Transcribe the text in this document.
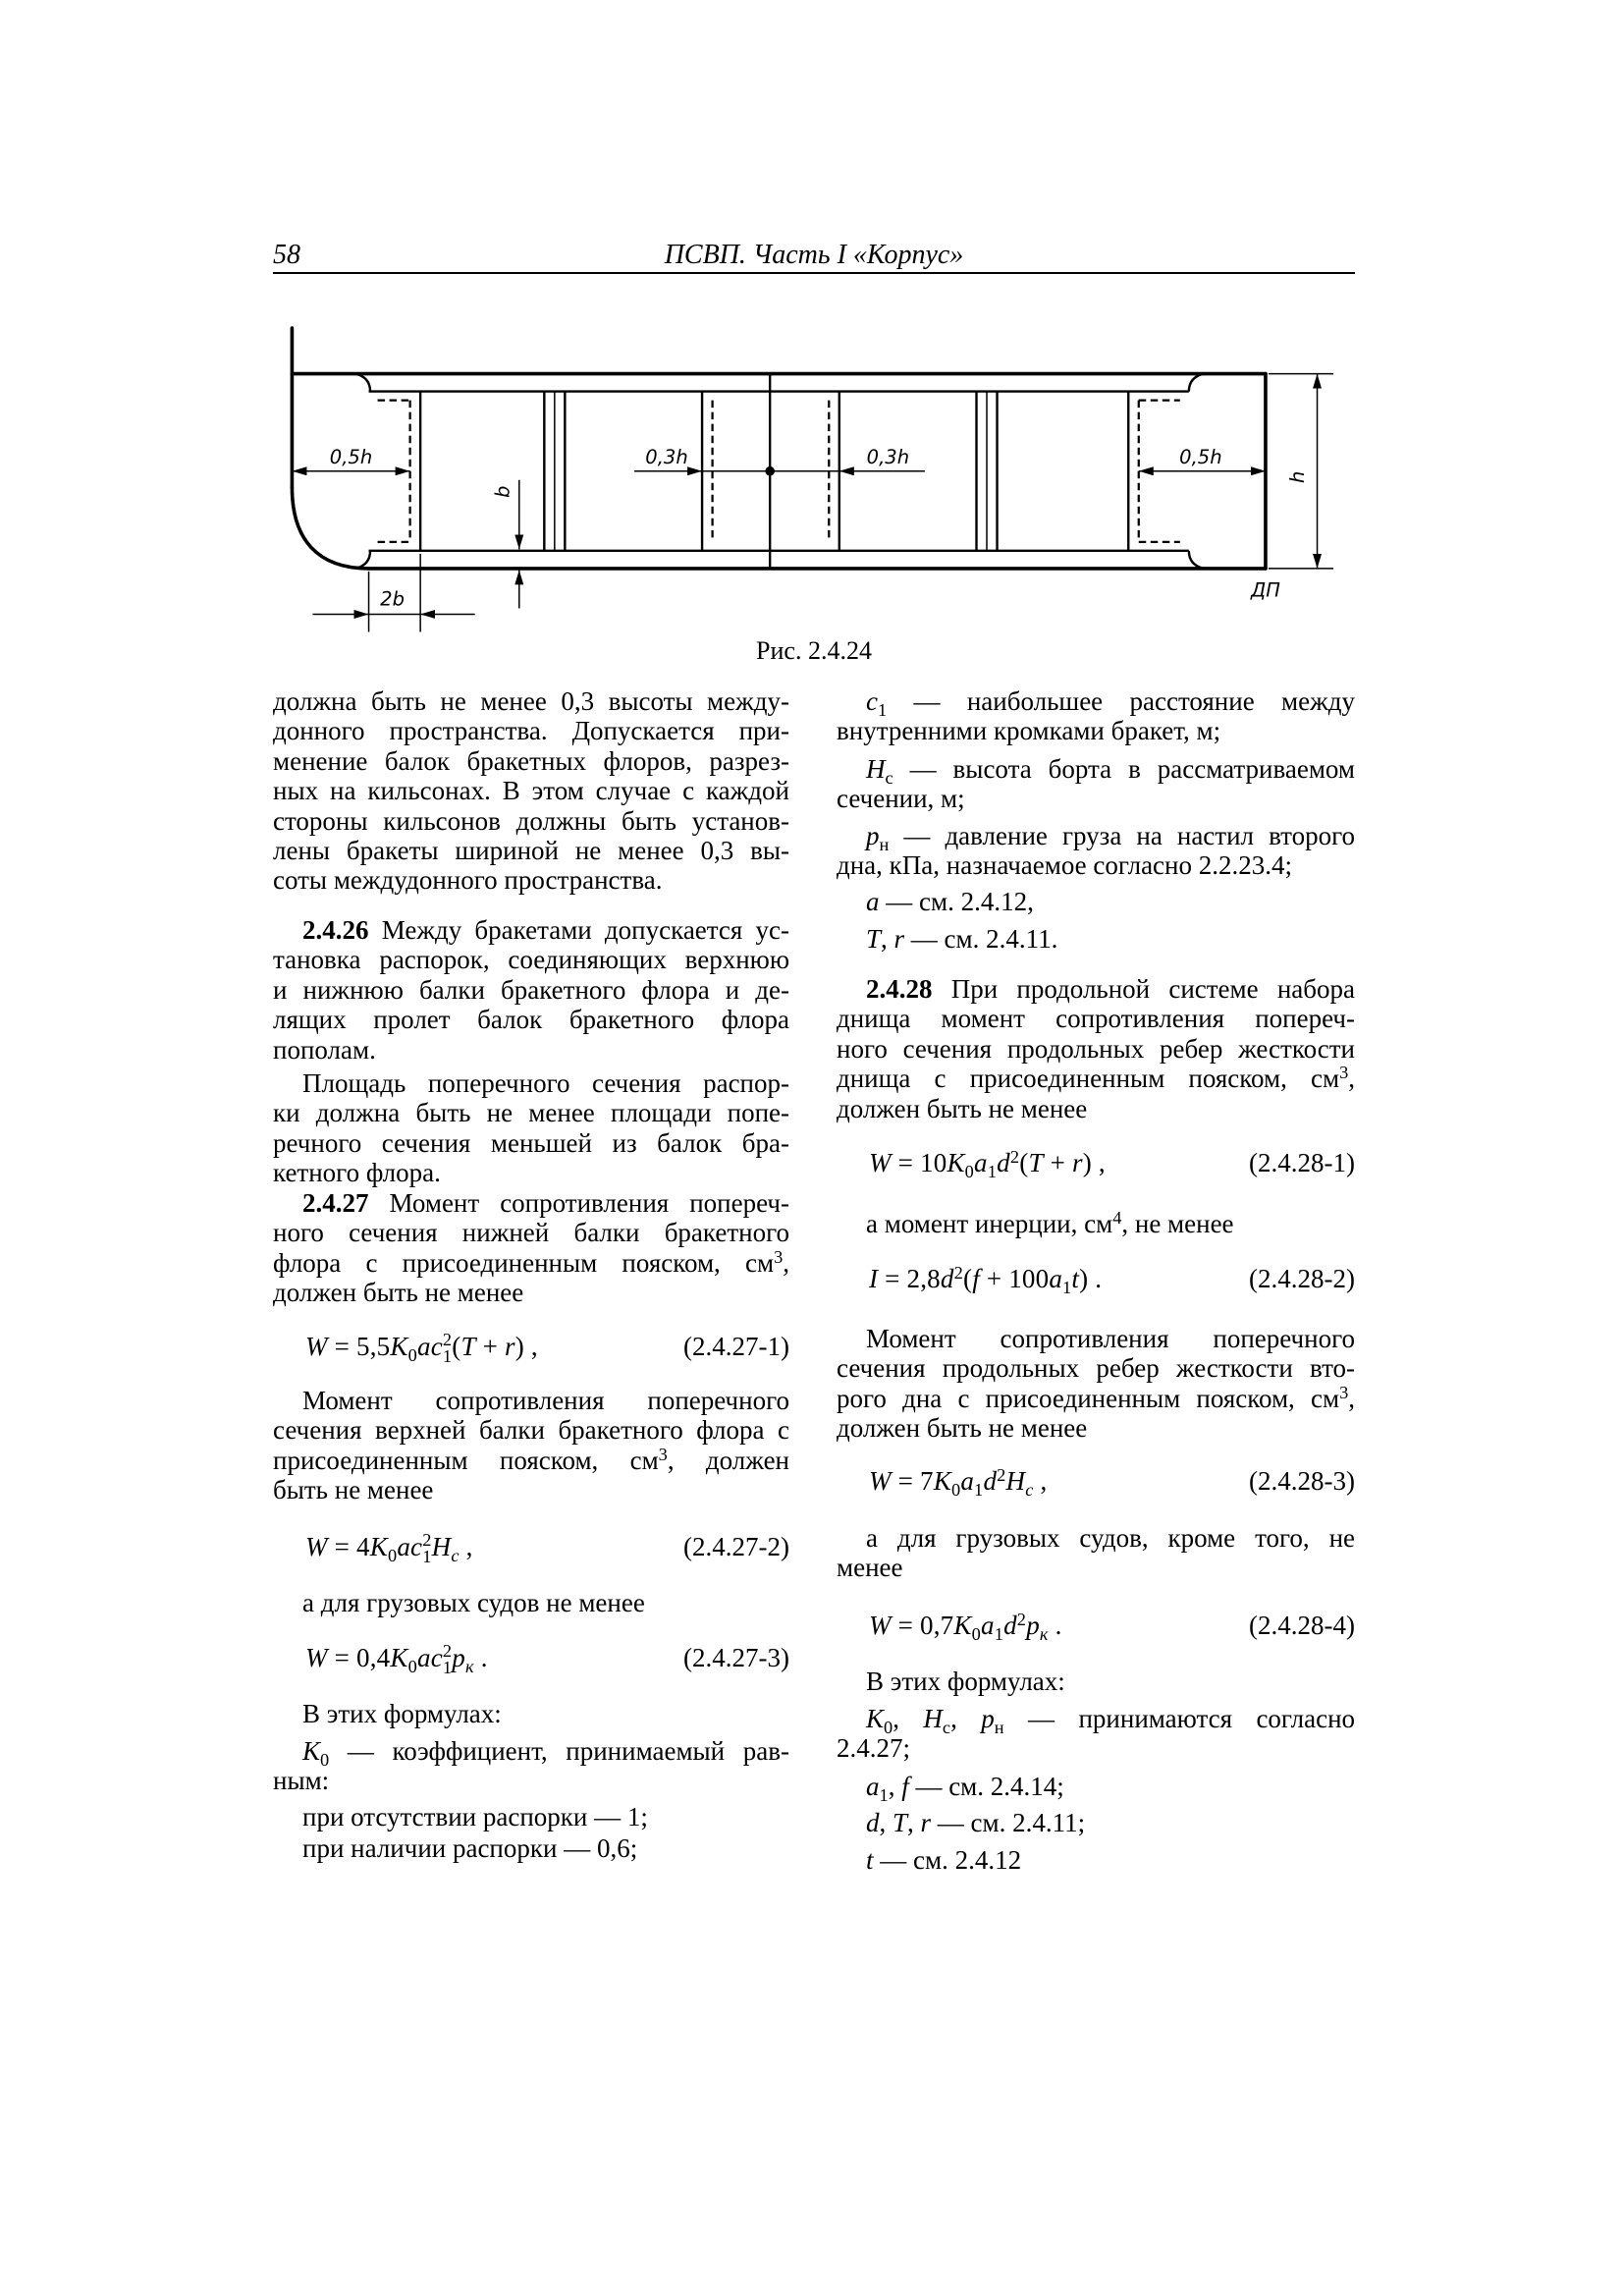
58	ПСВП. Часть I «Корпус»
0,5h	0,3h	0,3h	0,5h
h
b
2b	ДП
Рис. 2.4.24
должна быть не менее 0,3 высоты между-
донного пространства. Допускается при-
менение балок бракетных флоров, разрез-
ных на кильсонах. В этом случае с каждой
стороны кильсонов должны быть установ-
лены бракеты шириной не менее 0,3 вы-
соты междудонного пространства.
2.4.26 Между бракетами допускается ус-
тановка распорок, соединяющих верхнюю
и нижнюю балки бракетного флора и де-
лящих пролет балок бракетного флора
пополам.
Площадь поперечного сечения распор-
ки должна быть не менее площади попе-
речного сечения меньшей из балок бра-
кетного флора.
2.4.27 Момент сопротивления попереч-
ного сечения нижней балки бракетного
флора с присоединенным пояском, $см^3$,
должен быть не менее
$W = 5,5K_0ac$ 2
1 (T + r) ,	(2.4.27-1)
Момент сопротивления поперечного
сечения верхней балки бракетного флора с
присоединенным пояском, $см^3$, должен
быть не менее
$W = 4K_0ac$ 2
1 $H_c$ ,	(2.4.27-2)
а для грузовых судов не менее
$W = 0,4K_0ac$ 2
1 $p_к$ .	(2.4.27-3)
В этих формулах:
$K_0$ — коэффициент, принимаемый рав-
ным:
при отсутствии распорки — 1;
при наличии распорки — 0,6;
$c_1$ — наибольшее расстояние между
внутренними кромками бракет, м;
$H_с$ — высота борта в рассматриваемом
сечении, м;
$p_н$ — давление груза на настил второго
дна, кПа, назначаемое согласно 2.2.23.4;
a — см. 2.4.12,
T, r — см. 2.4.11.
2.4.28 При продольной системе набора
днища момент сопротивления попереч-
ного сечения продольных ребер жесткости
днища с присоединенным пояском, $см^3$,
должен быть не менее
$W = 10K_0a_1d^2(T + r)$ ,	(2.4.28-1)
а момент инерции, $см^4$, не менее
$I = 2,8d^2(f + 100a_1t)$ .	(2.4.28-2)
Момент сопротивления поперечного
сечения продольных ребер жесткости вто-
рого дна с присоединенным пояском, $см^3$,
должен быть не менее
$W = 7K_0a_1d^2H_c$ ,	(2.4.28-3)
а для грузовых судов, кроме того, не
менее
$W = 0,7K_0a_1d^2p_к$ .	(2.4.28-4)
В этих формулах:
$K_0$, $H_с$, $p_н$ — принимаются согласно
2.4.27;
$a_1$, f — см. 2.4.14;
d, T, r — см. 2.4.11;
t — см. 2.4.12
